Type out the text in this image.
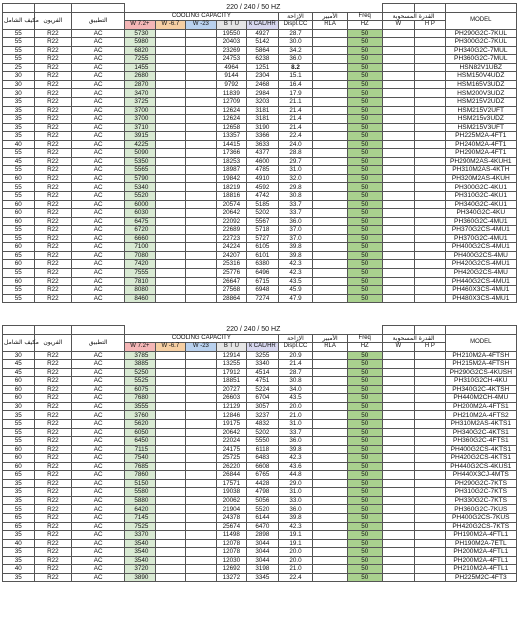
			220 / 240 / 50 HZ										
مكيف الشامل	الفريون	التطبيق	COOLING CAPACITY					الإزاحة	الأمبير	Freq	القدرة المسحوبة		MODEL
			W 7.2+	W -6.7	W -23	B T U	k CAL/HR	Displ.CC	RLA	HZ	W	H P	
55	R22	AC	5730			19550	4927	28.7		50			PH290G2C-7KUL
55	R22	AC	5980			20403	5142	30.0		50			PH300G2C-7KUL
55	R22	AC	6820			23269	5864	34.2		50			PH340G2C-7MUL
55	R22	AC	7255			24753	6238	36.0		50			PH360G2C-7MUL
25	R22	AC	1455			4964	1251	8.2		50			HSN82V1UBZ
30	R22	AC	2680			9144	2304	15.1		50			HSM150V4UDZ
30	R22	AC	2870			9792	2468	16.4		50			HSM165V3UDZ
30	R22	AC	3470			11839	2984	17.9		50			HSM200V3UDZ
35	R22	AC	3725			12709	3203	21.1		50			HSM215V2UDZ
35	R22	AC	3700			12624	3181	21.4		50			HSM215V2UFT
35	R22	AC	3700			12624	3181	21.4		50			HSM215v3UDZ
35	R22	AC	3710			12658	3190	21.4		50			HSM215V3UFT
35	R22	AC	3915			13357	3366	22.4		50			PH225M2A-4FT1
40	R22	AC	4225			14415	3633	24.0		50			PH240M2A-4FT1
55	R22	AC	5090			17366	4377	28.8		50			PH290M2A-4FT1
45	R22	AC	5350			18253	4600	29.7		50			PH290M2AS-4KUH1
55	R22	AC	5565			18987	4785	31.0		50			PH310M2AS-4KTH
60	R22	AC	5790			19842	4910	32.0		50			PH320M2AS-4KUH
55	R22	AC	5340			18219	4592	29.8		50			PH300G2C-4KU1
55	R22	AC	5520			18816	4742	30.8		50			PH310G2C-4KU1
60	R22	AC	6000			20574	5185	33.7		50			PH340G2C-4KU1
60	R22	AC	6030			20642	5202	33.7		50			PH340G2C-4KU
60	R22	AC	6475			22092	5567	36.0		50			PH360G2C-4MU1
55	R22	AC	6720			22689	5718	37.0		50			PH370G2CS-4MU1
55	R22	AC	6660			22723	5727	37.0		50			PH370G2C-4MU1
60	R22	AC	7100			24224	6105	39.8		50			PH400G2CS-4MU1
65	R22	AC	7080			24207	6101	39.8		50			PH400G2CS-4MU
60	R22	AC	7420			25316	6380	42.3		50			PH420G2CS-4MU1
55	R22	AC	7555			25776	6496	42.3		50			PH420G2CS-4MU
60	R22	AC	7810			26647	6715	43.5		50			PH440G2CS-4MU1
55	R22	AC	8080			27568	6948	45.9		50			PH460X3CS-4MU1
55	R22	AC	8460			28864	7274	47.9		50			PH480X3CS-4MU1
			220 / 240 / 50 HZ										
مكيف الشامل	الفريون	التطبيق	COOLING CAPACITY					الإزاحة	الأمبير	Freq	القدرة المسحوبة		MODEL
			W 7.2+	W -6.7	W -23	B T U	k CAL/HR	Displ.CC	RLA	HZ	W	H P	
30	R22	AC	3785			12914	3255	20.9		50			PH210M2A-4FTSH
45	R22	AC	3885			13255	3340	21.4		50			PH215M2A-4FTSH
45	R22	AC	5250			17912	4514	28.7		50			PH290G2CS-4KUSH
60	R22	AC	5525			18851	4751	30.8		50			PH310G2CH-4KU
60	R22	AC	6075			20727	5224	34.0		50			PH340G2C-4KTSH
60	R22	AC	7680			26603	6704	43.5		50			PH440M2CH-4MU
30	R22	AC	3555			12129	3057	20.0		50			PH200M2A-4FTS1
35	R22	AC	3760			12846	3237	21.0		50			PH210M2A-4FTS2
55	R22	AC	5620			19175	4832	31.0		50			PH310M2AS-4KTS1
55	R22	AC	6050			20642	5202	33.7		50			PH340G2C-4KTS1
55	R22	AC	6450			22024	5550	36.0		50			PH360G2C-4FTS1
60	R22	AC	7115			24175	6118	39.8		50			PH400G2CS-4KTS1
60	R22	AC	7540			25725	6483	42.3		50			PH420G2CS-4KTS1
60	R22	AC	7685			26220	6608	43.6		50			PH440G2CS-4KUS1
65	R22	AC	7860			26844	6765	44.8		50			PH440X3CJ-4MTS
35	R22	AC	5150			17571	4428	29.0		50			PH290G2C-7KTS
35	R22	AC	5580			19038	4798	31.0		50			PH310G2C-7KTS
35	R22	AC	5880			20062	5056	33.0		50			PH330G2C-7KTS
55	R22	AC	6420			21904	5520	36.0		50			PH360G2C-7KUS
65	R22	AC	7145			24378	6144	39.8		50			PH400G2CS-7KUS
65	R22	AC	7525			25674	6470	42.3		50			PH420G2CS-7KTS
35	R22	AC	3370			11498	2898	19.1		50			PH190M2A-4FTL1
40	R22	AC	3540			12078	3044	19.1		50			PH190M2A-7ETL
35	R22	AC	3540			12078	3044	20.0		50			PH200M2A-4FTL1
35	R22	AC	3540			12030	3044	20.0		50			PH200M2A-4FTL1
40	R22	AC	3720			12692	3198	21.0		50			PH210M2A-4FTL1
35	R22	AC	3890			13272	3345	22.4		50			PH225M2C-4FT3
